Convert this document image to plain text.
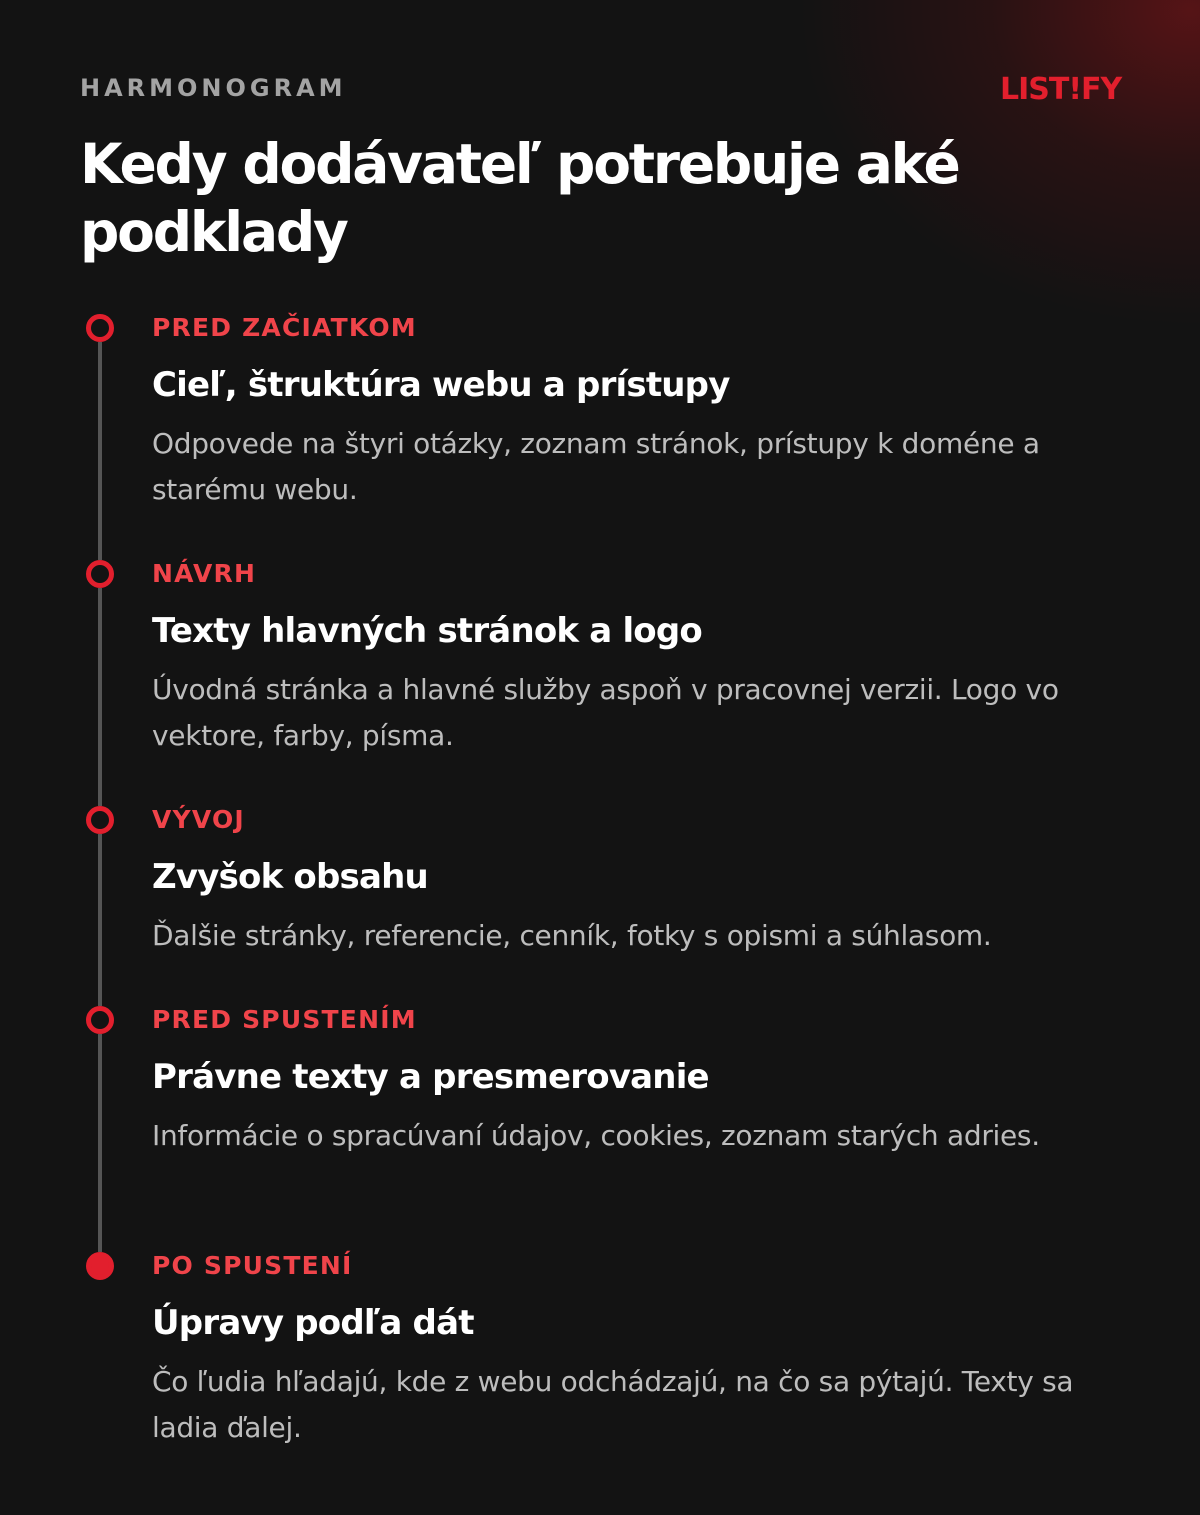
HARMONOGRAM	LIST!FY
Kedy dodávateľ potrebuje aké podklady
PRED ZAČIATKOM
Cieľ, štruktúra webu a prístupy
Odpovede na štyri otázky, zoznam stránok, prístupy k doméne a starému webu.
NÁVRH
Texty hlavných stránok a logo
Úvodná stránka a hlavné služby aspoň v pracovnej verzii. Logo vo vektore, farby, písma.
VÝVOJ
Zvyšok obsahu
Ďalšie stránky, referencie, cenník, fotky s opismi a súhlasom.
PRED SPUSTENÍM
Právne texty a presmerovanie
Informácie o spracúvaní údajov, cookies, zoznam starých adries.
PO SPUSTENÍ
Úpravy podľa dát
Čo ľudia hľadajú, kde z webu odchádzajú, na čo sa pýtajú. Texty sa ladia ďalej.
